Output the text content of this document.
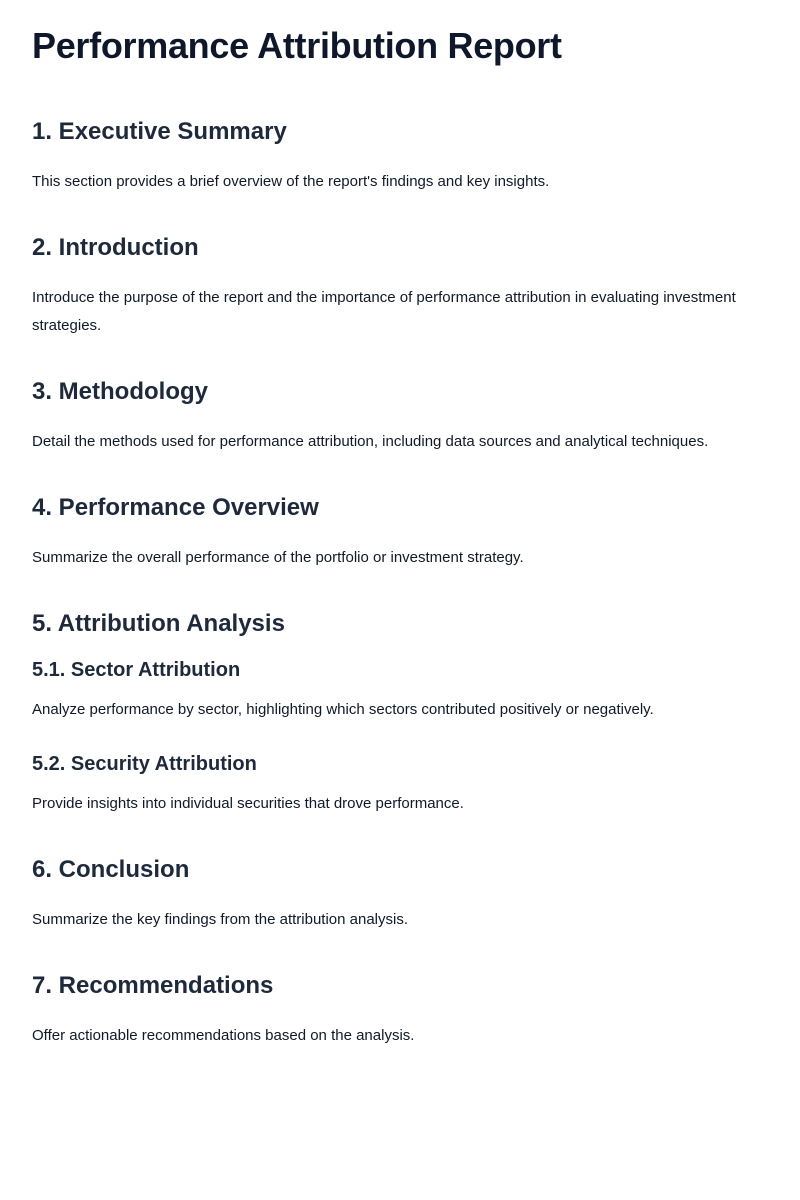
Performance Attribution Report
1. Executive Summary

This section provides a brief overview of the report's findings and key insights.

2. Introduction

Introduce the purpose of the report and the importance of performance attribution in evaluating investment strategies.

3. Methodology

Detail the methods used for performance attribution, including data sources and analytical techniques.

4. Performance Overview

Summarize the overall performance of the portfolio or investment strategy.

5. Attribution Analysis
5.1. Sector Attribution

Analyze performance by sector, highlighting which sectors contributed positively or negatively.

5.2. Security Attribution

Provide insights into individual securities that drove performance.

6. Conclusion

Summarize the key findings from the attribution analysis.

7. Recommendations

Offer actionable recommendations based on the analysis.
